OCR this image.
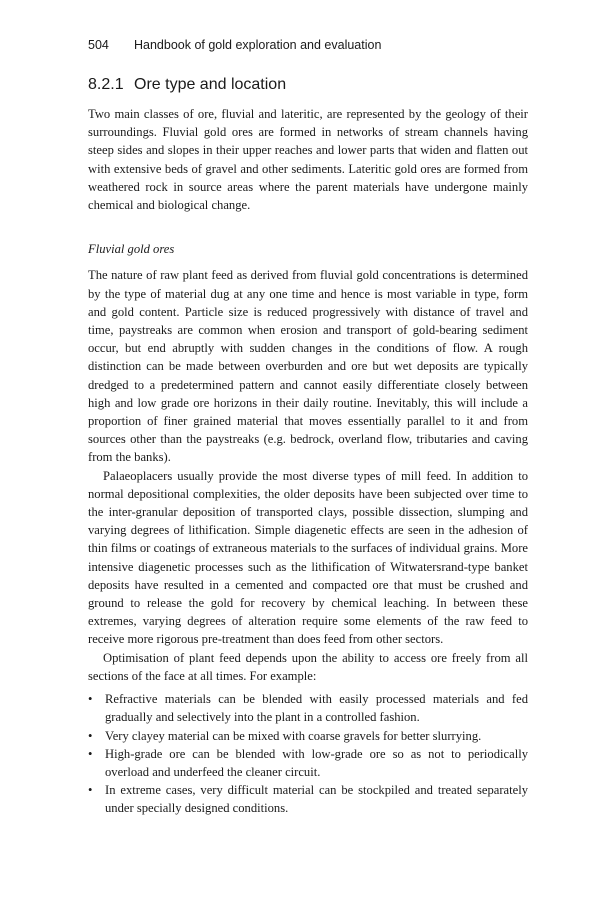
504	Handbook of gold exploration and evaluation
8.2.1 Ore type and location

Two main classes of ore, fluvial and lateritic, are represented by the geology of their surroundings. Fluvial gold ores are formed in networks of stream channels having steep sides and slopes in their upper reaches and lower parts that widen and flatten out with extensive beds of gravel and other sediments. Lateritic gold ores are formed from weathered rock in source areas where the parent materials have undergone mainly chemical and biological change.

Fluvial gold ores

The nature of raw plant feed as derived from fluvial gold concentrations is determined by the type of material dug at any one time and hence is most variable in type, form and gold content. Particle size is reduced progressively with distance of travel and time, paystreaks are common when erosion and transport of gold-bearing sediment occur, but end abruptly with sudden changes in the conditions of flow. A rough distinction can be made between overburden and ore but wet deposits are typically dredged to a predetermined pattern and cannot easily differentiate closely between high and low grade ore horizons in their daily routine. Inevitably, this will include a proportion of finer grained material that moves essentially parallel to it and from sources other than the paystreaks (e.g. bedrock, overland flow, tributaries and caving from the banks).

Palaeoplacers usually provide the most diverse types of mill feed. In addition to normal depositional complexities, the older deposits have been subjected over time to the inter-granular deposition of transported clays, possible dissection, slumping and varying degrees of lithification. Simple diagenetic effects are seen in the adhesion of thin films or coatings of extraneous materials to the surfaces of individual grains. More intensive diagenetic processes such as the lithification of Witwatersrand-type banket deposits have resulted in a cemented and compacted ore that must be crushed and ground to release the gold for recovery by chemical leaching. In between these extremes, varying degrees of alteration require some elements of the raw feed to receive more rigorous pre-treatment than does feed from other sectors.

Optimisation of plant feed depends upon the ability to access ore freely from all sections of the face at all times. For example:

• Refractive materials can be blended with easily processed materials and fed gradually and selectively into the plant in a controlled fashion.
• Very clayey material can be mixed with coarse gravels for better slurrying.
• High-grade ore can be blended with low-grade ore so as not to periodically overload and underfeed the cleaner circuit.
• In extreme cases, very difficult material can be stockpiled and treated separately under specially designed conditions.
